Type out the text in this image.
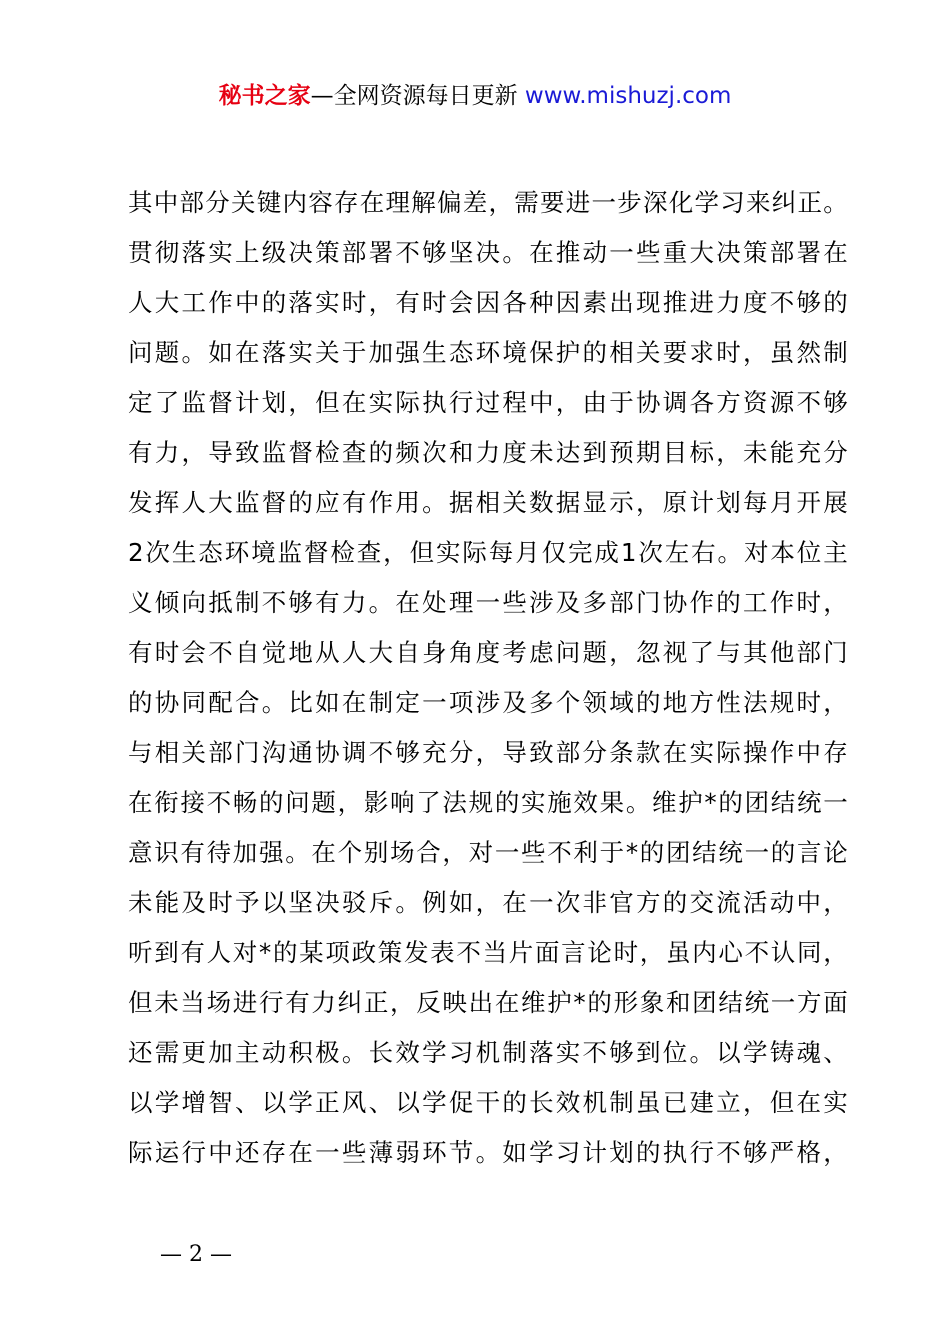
秘书之家—全网资源每日更新 www.mishuzj.com
其中部分关键内容存在理解偏差，需要进一步深化学习来纠正。
贯彻落实上级决策部署不够坚决。在推动一些重大决策部署在
人大工作中的落实时，有时会因各种因素出现推进力度不够的
问题。如在落实关于加强生态环境保护的相关要求时，虽然制
定了监督计划，但在实际执行过程中，由于协调各方资源不够
有力，导致监督检查的频次和力度未达到预期目标，未能充分
发挥人大监督的应有作用。据相关数据显示，原计划每月开展
2次生态环境监督检查，但实际每月仅完成1次左右。对本位主
义倾向抵制不够有力。在处理一些涉及多部门协作的工作时，
有时会不自觉地从人大自身角度考虑问题，忽视了与其他部门
的协同配合。比如在制定一项涉及多个领域的地方性法规时，
与相关部门沟通协调不够充分，导致部分条款在实际操作中存
在衔接不畅的问题，影响了法规的实施效果。维护*的团结统一
意识有待加强。在个别场合，对一些不利于*的团结统一的言论
未能及时予以坚决驳斥。例如，在一次非官方的交流活动中，
听到有人对*的某项政策发表不当片面言论时，虽内心不认同，
但未当场进行有力纠正，反映出在维护*的形象和团结统一方面
还需更加主动积极。长效学习机制落实不够到位。以学铸魂、
以学增智、以学正风、以学促干的长效机制虽已建立，但在实
际运行中还存在一些薄弱环节。如学习计划的执行不够严格，
— 2 —
